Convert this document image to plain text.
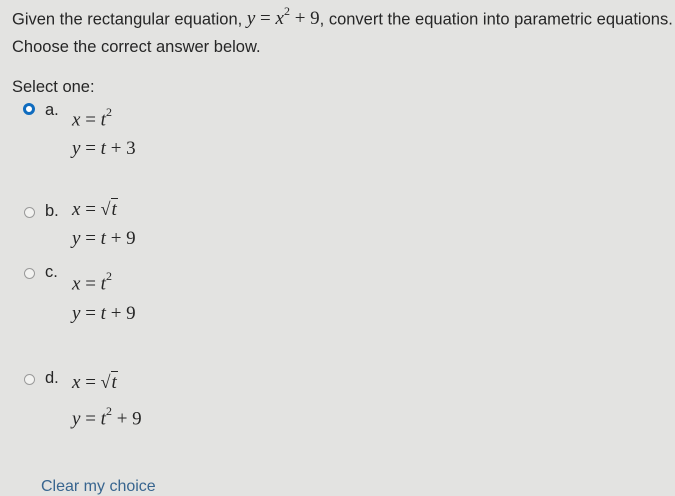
Given the rectangular equation, $y = x^2 + 9$, convert the equation into parametric equations.
Choose the correct answer below.
Select one:
a. $x = t^2$
y = t + 3
b. x = √t
y = t + 9
c.
$x = t^2$
y = t + 9
d. x = √t
$y = t^2 + 9$
Clear my choice
